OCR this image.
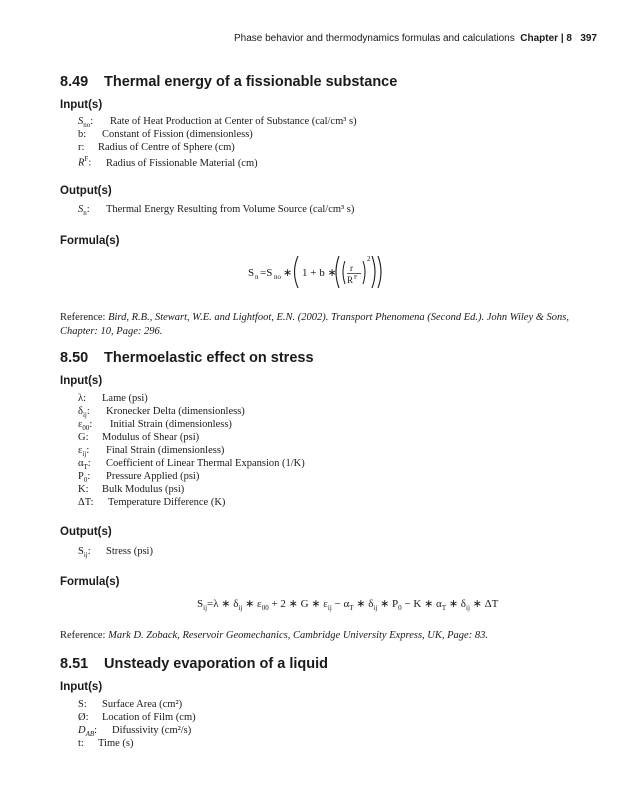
Phase behavior and thermodynamics formulas and calculations Chapter | 8 397
8.49 Thermal energy of a fissionable substance
Input(s)
$S_{no}$: Rate of Heat Production at Center of Substance (cal/cm³ s)
b: Constant of Fission (dimensionless)
r: Radius of Centre of Sphere (cm)
$R^F$: Radius of Fissionable Material (cm)
Output(s)
$S_n$: Thermal Energy Resulting from Volume Source (cal/cm³ s)
Formula(s)
S n =S no ∗ 1 + b ∗ r
R F
2
Reference: Bird, R.B., Stewart, W.E. and Lightfoot, E.N. (2002). Transport Phenomena (Second Ed.). John Wiley & Sons, Chapter: 10, Page: 296.
8.50 Thermoelastic effect on stress
Input(s)
λ: Lame (psi)
$\delta_{ij}$: Kronecker Delta (dimensionless)
$\varepsilon_{00}$: Initial Strain (dimensionless)
G: Modulus of Shear (psi)
$\varepsilon_{ij}$: Final Strain (dimensionless)
$\alpha_T$: Coefficient of Linear Thermal Expansion (1/K)
$P_0$: Pressure Applied (psi)
K: Bulk Modulus (psi)
ΔT: Temperature Difference (K)
Output(s)
$S_{ij}$: Stress (psi)
Formula(s)
$S_{ij}=\lambda$ ∗ $\delta_{ij}$ ∗ $\varepsilon_{00} + 2$ ∗ G ∗ $\varepsilon_{ij} - \alpha_T$ ∗ $\delta_{ij}$ ∗ $P_0 - K$ ∗ $\alpha_T$ ∗ $\delta_{ij}$ ∗ ΔT
Reference: Mark D. Zoback, Reservoir Geomechanics, Cambridge University Express, UK, Page: 83.
8.51 Unsteady evaporation of a liquid
Input(s)
S: Surface Area (cm²)
Ø: Location of Film (cm)
$D_{AB}$: Difussivity (cm²/s)
t: Time (s)
